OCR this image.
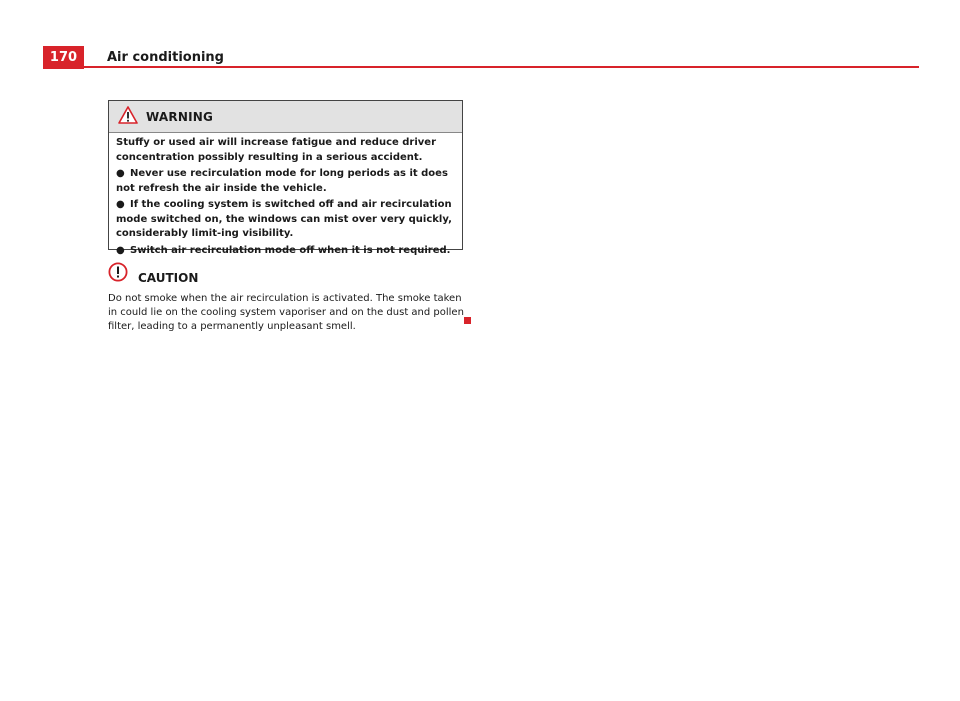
170	Air conditioning
WARNING

Stuffy or used air will increase fatigue and reduce driver concentration possibly resulting in a serious accident.

● Never use recirculation mode for long periods as it does not refresh the air inside the vehicle.

● If the cooling system is switched off and air recirculation mode switched on, the windows can mist over very quickly, considerably limit-ing visibility.

● Switch air recirculation mode off when it is not required.

CAUTION
Do not smoke when the air recirculation is activated. The smoke taken in could lie on the cooling system vaporiser and on the dust and pollen filter, leading to a permanently unpleasant smell.
